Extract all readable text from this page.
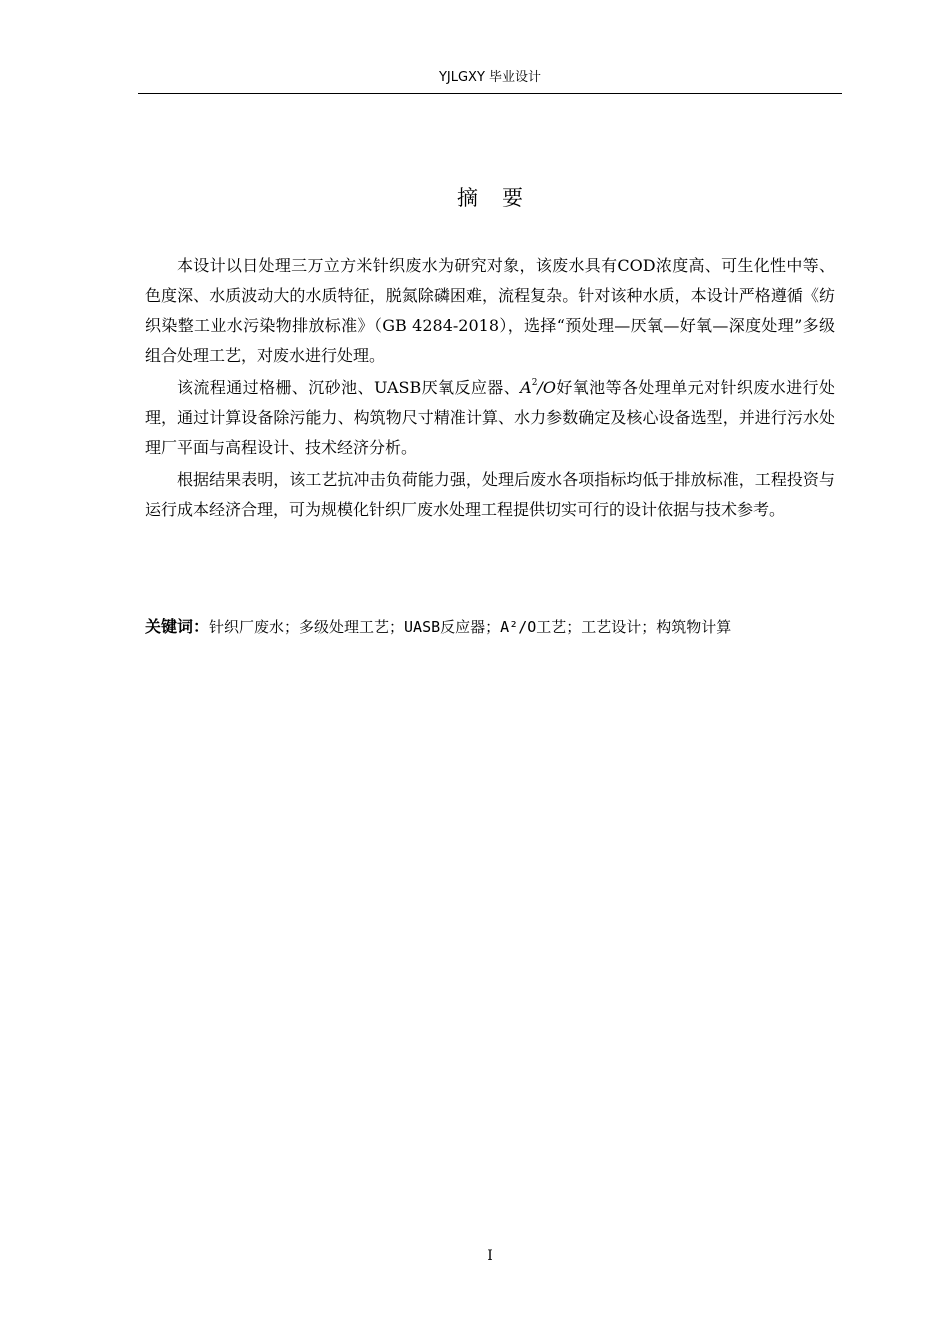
YJLGXY 毕业设计
摘要

本设计以日处理三万立方米针织废水为研究对象，该废水具有COD浓度高、可生化性中等、色度深、水质波动大的水质特征，脱氮除磷困难，流程复杂。针对该种水质，本设计严格遵循《纺织染整工业水污染物排放标准》（GB 4284-2018），选择“预处理—厌氧—好氧—深度处理”多级组合处理工艺，对废水进行处理。

该流程通过格栅、沉砂池、UASB厌氧反应器、$A^2/O$好氧池等各处理单元对针织废水进行处理，通过计算设备除污能力、构筑物尺寸精准计算、水力参数确定及核心设备选型，并进行污水处理厂平面与高程设计、技术经济分析。

根据结果表明，该工艺抗冲击负荷能力强，处理后废水各项指标均低于排放标准，工程投资与运行成本经济合理，可为规模化针织厂废水处理工程提供切实可行的设计依据与技术参考。

关键词：针织厂废水；多级处理工艺；UASB反应器；A²/O工艺；工艺设计；构筑物计算
I
